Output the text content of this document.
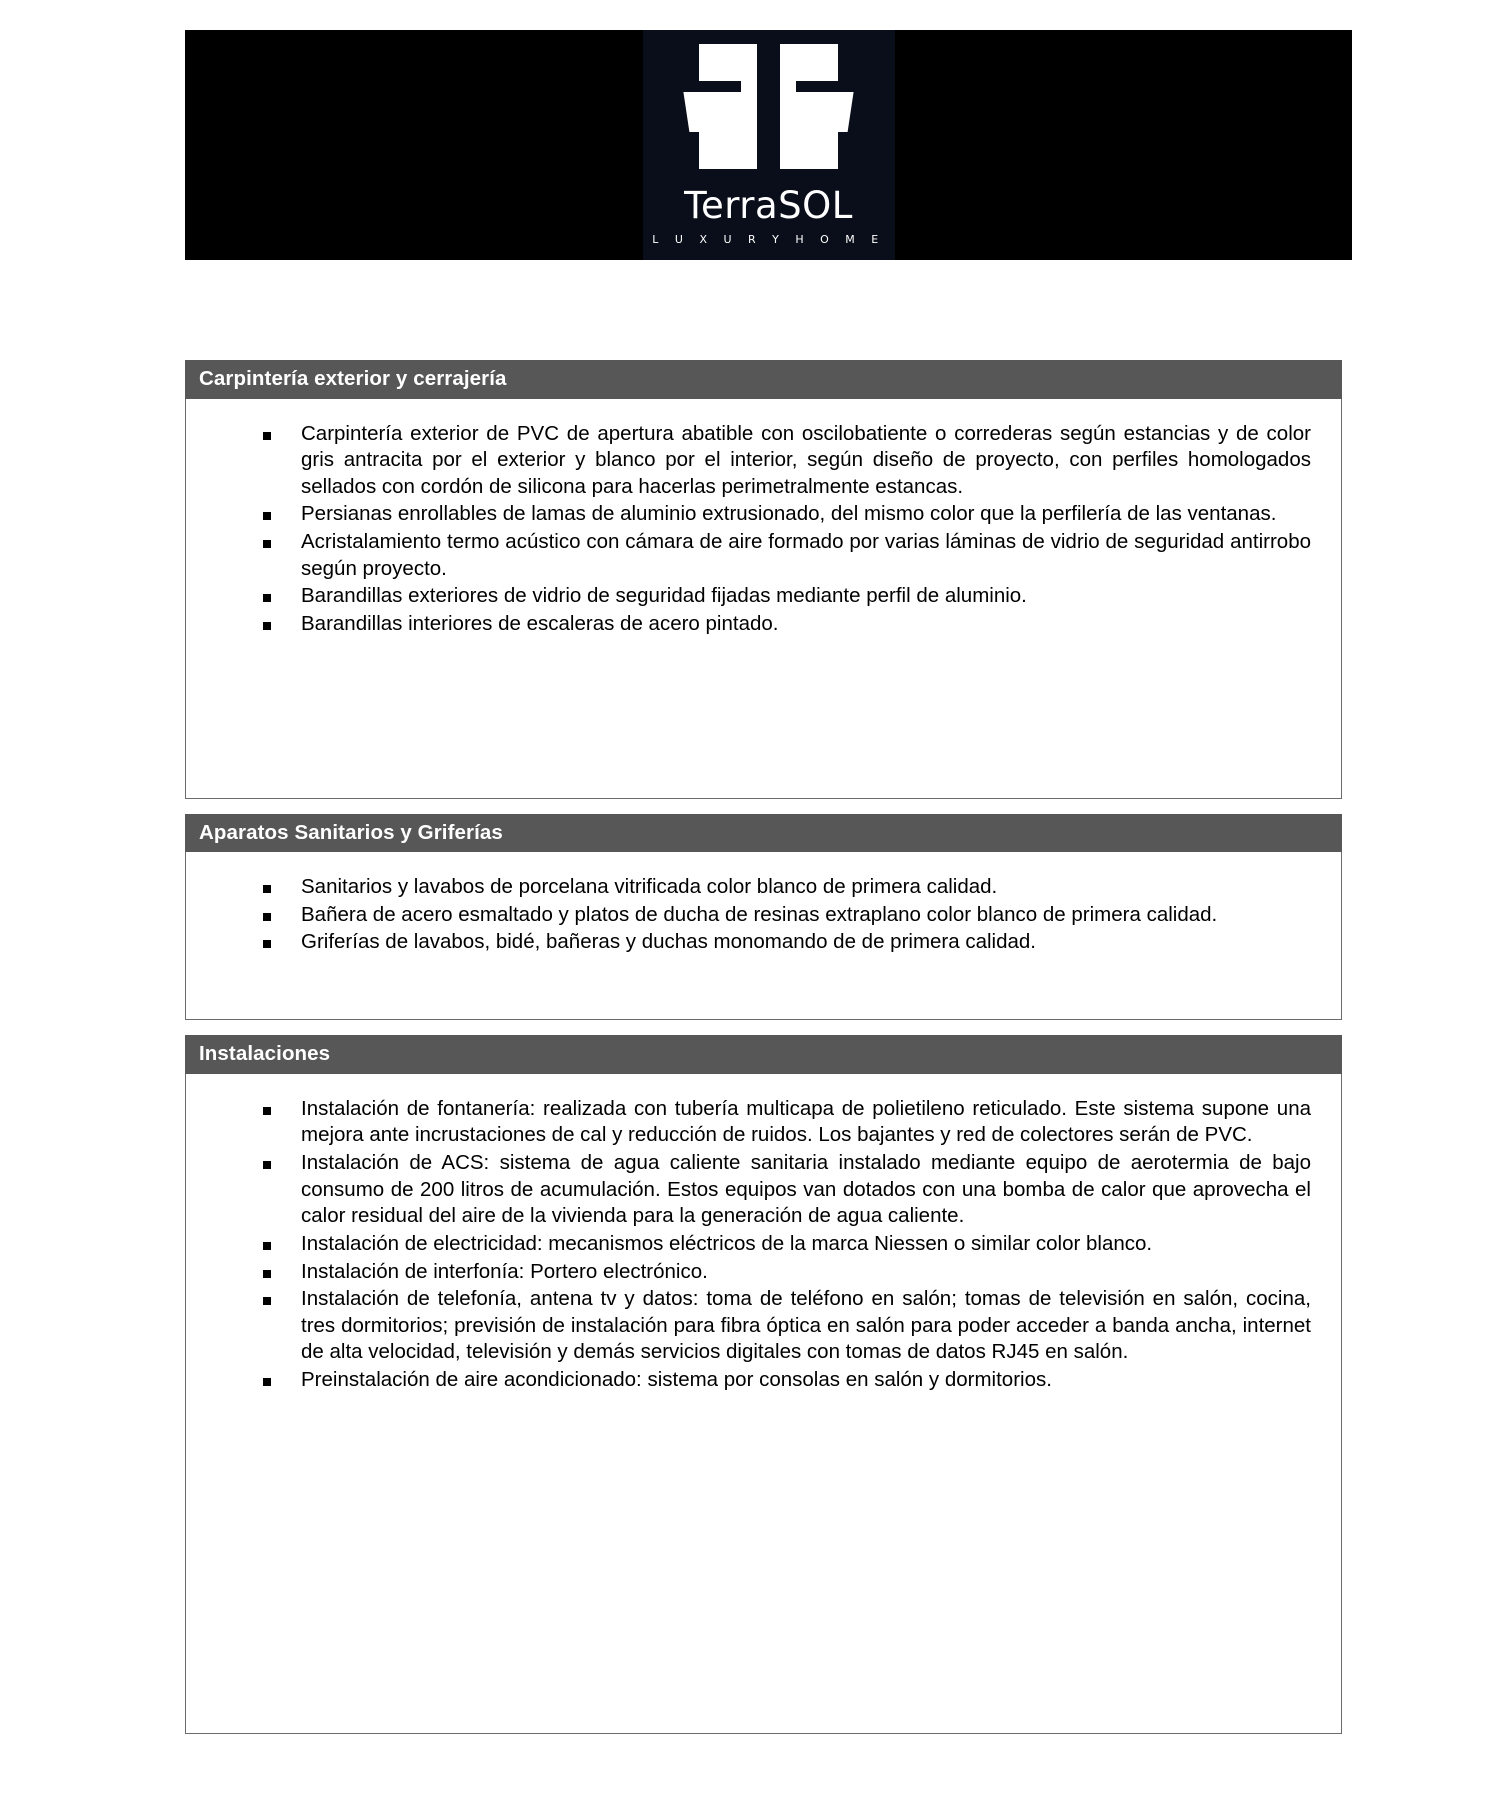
TerraSOL
L U X U R Y H O M E
Carpintería exterior y cerrajería
Carpintería exterior de PVC de apertura abatible con oscilobatiente o correderas según estancias y de color gris antracita por el exterior y blanco por el interior, según diseño de proyecto, con perfiles homologados sellados con cordón de silicona para hacerlas perimetralmente estancas.
Persianas enrollables de lamas de aluminio extrusionado, del mismo color que la perfilería de las ventanas.
Acristalamiento termo acústico con cámara de aire formado por varias láminas de vidrio de seguridad antirrobo según proyecto.
Barandillas exteriores de vidrio de seguridad fijadas mediante perfil de aluminio.
Barandillas interiores de escaleras de acero pintado.
Aparatos Sanitarios y Griferías
Sanitarios y lavabos de porcelana vitrificada color blanco de primera calidad.
Bañera de acero esmaltado y platos de ducha de resinas extraplano color blanco de primera calidad.
Griferías de lavabos, bidé, bañeras y duchas monomando de de primera calidad.
Instalaciones
Instalación de fontanería: realizada con tubería multicapa de polietileno reticulado. Este sistema supone una mejora ante incrustaciones de cal y reducción de ruidos. Los bajantes y red de colectores serán de PVC.
Instalación de ACS: sistema de agua caliente sanitaria instalado mediante equipo de aerotermia de bajo consumo de 200 litros de acumulación. Estos equipos van dotados con una bomba de calor que aprovecha el calor residual del aire de la vivienda para la generación de agua caliente.
Instalación de electricidad: mecanismos eléctricos de la marca Niessen o similar color blanco.
Instalación de interfonía: Portero electrónico.
Instalación de telefonía, antena tv y datos: toma de teléfono en salón; tomas de televisión en salón, cocina, tres dormitorios; previsión de instalación para fibra óptica en salón para poder acceder a banda ancha, internet de alta velocidad, televisión y demás servicios digitales con tomas de datos RJ45 en salón.
Preinstalación de aire acondicionado: sistema por consolas en salón y dormitorios.
